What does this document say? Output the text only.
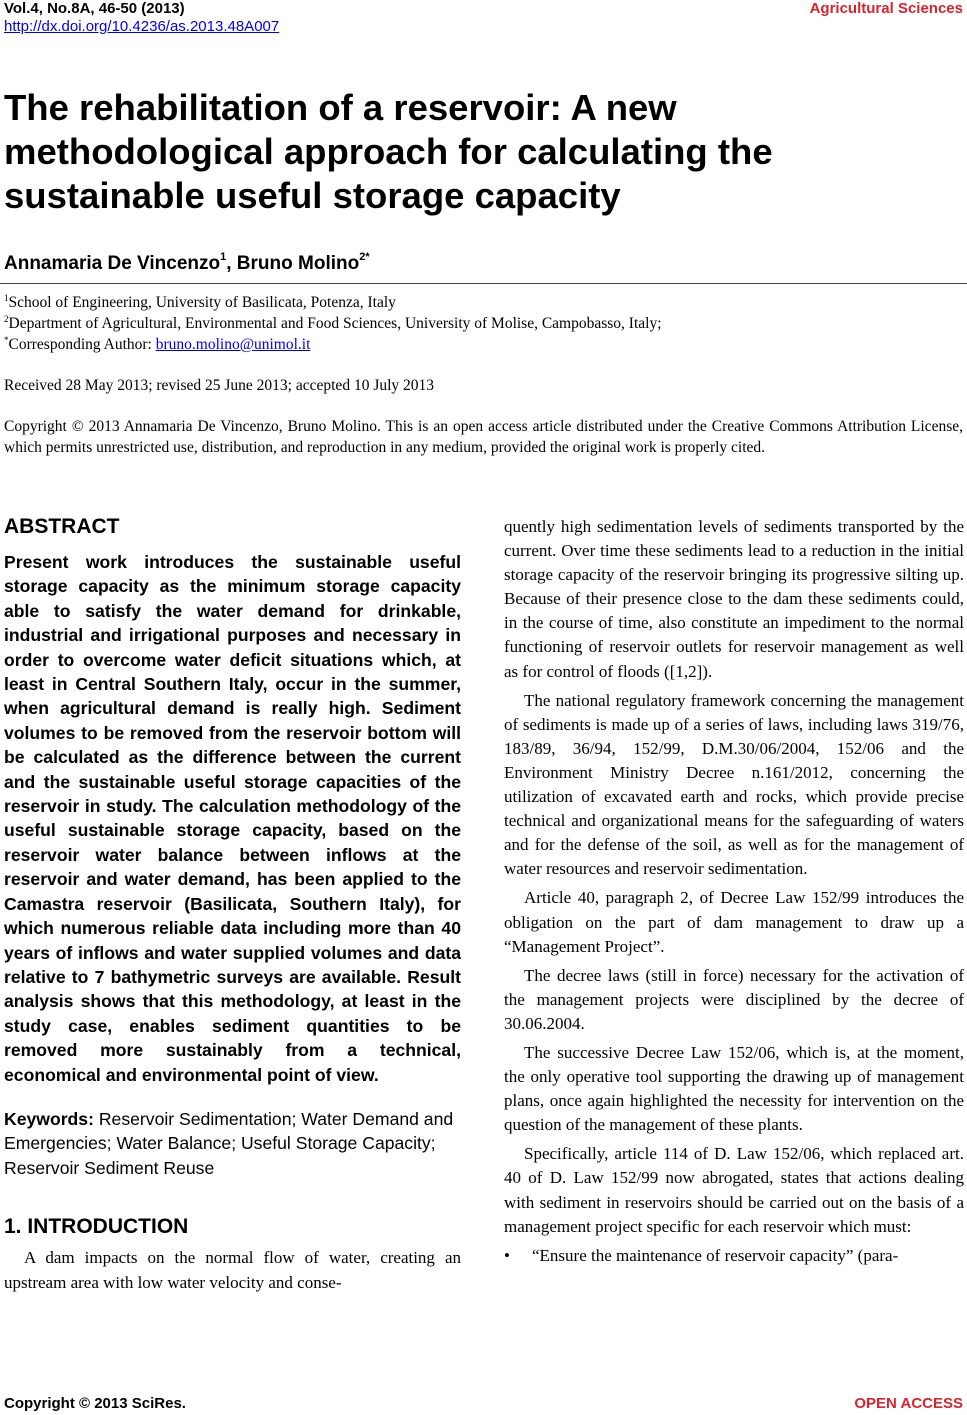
Vol.4, No.8A, 46-50 (2013)
http://dx.doi.org/10.4236/as.2013.48A007
Agricultural Sciences
The rehabilitation of a reservoir: A new methodological approach for calculating the sustainable useful storage capacity
Annamaria De Vincenzo$^1$, Bruno Molino$^{2*}$
$^1$School of Engineering, University of Basilicata, Potenza, Italy
$^2$Department of Agricultural, Environmental and Food Sciences, University of Molise, Campobasso, Italy;
*Corresponding Author: bruno.molino@unimol.it
Received 28 May 2013; revised 25 June 2013; accepted 10 July 2013
Copyright © 2013 Annamaria De Vincenzo, Bruno Molino. This is an open access article distributed under the Creative Commons Attribution License, which permits unrestricted use, distribution, and reproduction in any medium, provided the original work is properly cited.
ABSTRACT

Present work introduces the sustainable useful storage capacity as the minimum storage capacity able to satisfy the water demand for drinkable, industrial and irrigational purposes and necessary in order to overcome water deficit situations which, at least in Central Southern Italy, occur in the summer, when agricultural demand is really high. Sediment volumes to be removed from the reservoir bottom will be calculated as the difference between the current and the sustainable useful storage capacities of the reservoir in study. The calculation methodology of the useful sustainable storage capacity, based on the reservoir water balance between inflows at the reservoir and water demand, has been applied to the Camastra reservoir (Basilicata, Southern Italy), for which numerous reliable data including more than 40 years of inflows and water supplied volumes and data relative to 7 bathymetric surveys are available. Result analysis shows that this methodology, at least in the study case, enables sediment quantities to be removed more sustainably from a technical, economical and environmental point of view.

Keywords: Reservoir Sedimentation; Water Demand and Emergencies; Water Balance; Useful Storage Capacity; Reservoir Sediment Reuse

1. INTRODUCTION

A dam impacts on the normal flow of water, creating an upstream area with low water velocity and conse-

quently high sedimentation levels of sediments transported by the current. Over time these sediments lead to a reduction in the initial storage capacity of the reservoir bringing its progressive silting up. Because of their presence close to the dam these sediments could, in the course of time, also constitute an impediment to the normal functioning of reservoir outlets for reservoir management as well as for control of floods ([1,2]).

The national regulatory framework concerning the management of sediments is made up of a series of laws, including laws 319/76, 183/89, 36/94, 152/99, D.M.30/06/2004, 152/06 and the Environment Ministry Decree n.161/2012, concerning the utilization of excavated earth and rocks, which provide precise technical and organizational means for the safeguarding of waters and for the defense of the soil, as well as for the management of water resources and reservoir sedimentation.

Article 40, paragraph 2, of Decree Law 152/99 introduces the obligation on the part of dam management to draw up a “Management Project”.

The decree laws (still in force) necessary for the activation of the management projects were disciplined by the decree of 30.06.2004.

The successive Decree Law 152/06, which is, at the moment, the only operative tool supporting the drawing up of management plans, once again highlighted the necessity for intervention on the question of the management of these plants.

Specifically, article 114 of D. Law 152/06, which replaced art. 40 of D. Law 152/99 now abrogated, states that actions dealing with sediment in reservoirs should be carried out on the basis of a management project specific for each reservoir which must:

•	“Ensure the maintenance of reservoir capacity” (para-

Copyright © 2013 SciRes.	OPEN ACCESS
